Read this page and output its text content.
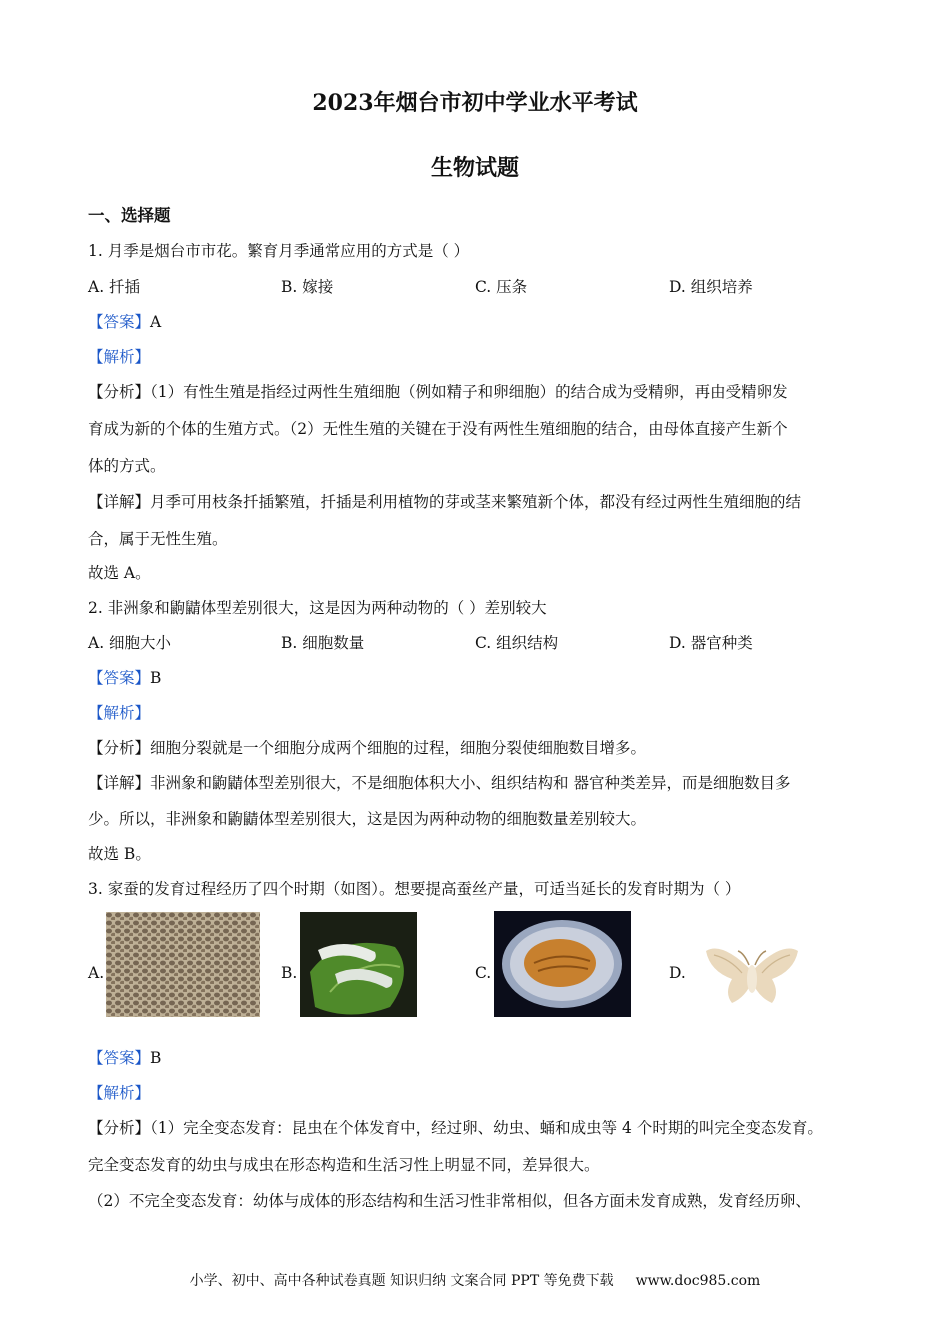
2023年烟台市初中学业水平考试
生物试题
一、选择题
1. 月季是烟台市市花。繁育月季通常应用的方式是（ ）
A. 扦插	B. 嫁接	C. 压条	D. 组织培养
【答案】A
【解析】
【分析】（1）有性生殖是指经过两性生殖细胞（例如精子和卵细胞）的结合成为受精卵，再由受精卵发
育成为新的个体的生殖方式。（2）无性生殖的关键在于没有两性生殖细胞的结合，由母体直接产生新个
体的方式。
【详解】月季可用枝条扦插繁殖，扦插是利用植物的芽或茎来繁殖新个体，都没有经过两性生殖细胞的结
合，属于无性生殖。
故选 A。
2. 非洲象和鼩鼱体型差别很大，这是因为两种动物的（ ）差别较大
A. 细胞大小	B. 细胞数量	C. 组织结构	D. 器官种类
【答案】B
【解析】
【分析】细胞分裂就是一个细胞分成两个细胞的过程，细胞分裂使细胞数目增多。
【详解】非洲象和鼩鼱体型差别很大，不是细胞体积大小、组织结构和 器官种类差异，而是细胞数目多
少。所以，非洲象和鼩鼱体型差别很大，这是因为两种动物的细胞数量差别较大。
故选 B。
3. 家蚕的发育过程经历了四个时期（如图）。想要提高蚕丝产量，可适当延长的发育时期为（ ）
A.	B.	C.	D.
【答案】B
【解析】
【分析】（1）完全变态发育：昆虫在个体发育中，经过卵、幼虫、蛹和成虫等 4 个时期的叫完全变态发育。
完全变态发育的幼虫与成虫在形态构造和生活习性上明显不同，差异很大。
（2）不完全变态发育：幼体与成体的形态结构和生活习性非常相似，但各方面未发育成熟，发育经历卵、
小学、初中、高中各种试卷真题 知识归纳 文案合同 PPT 等免费下载 www.doc985.com
